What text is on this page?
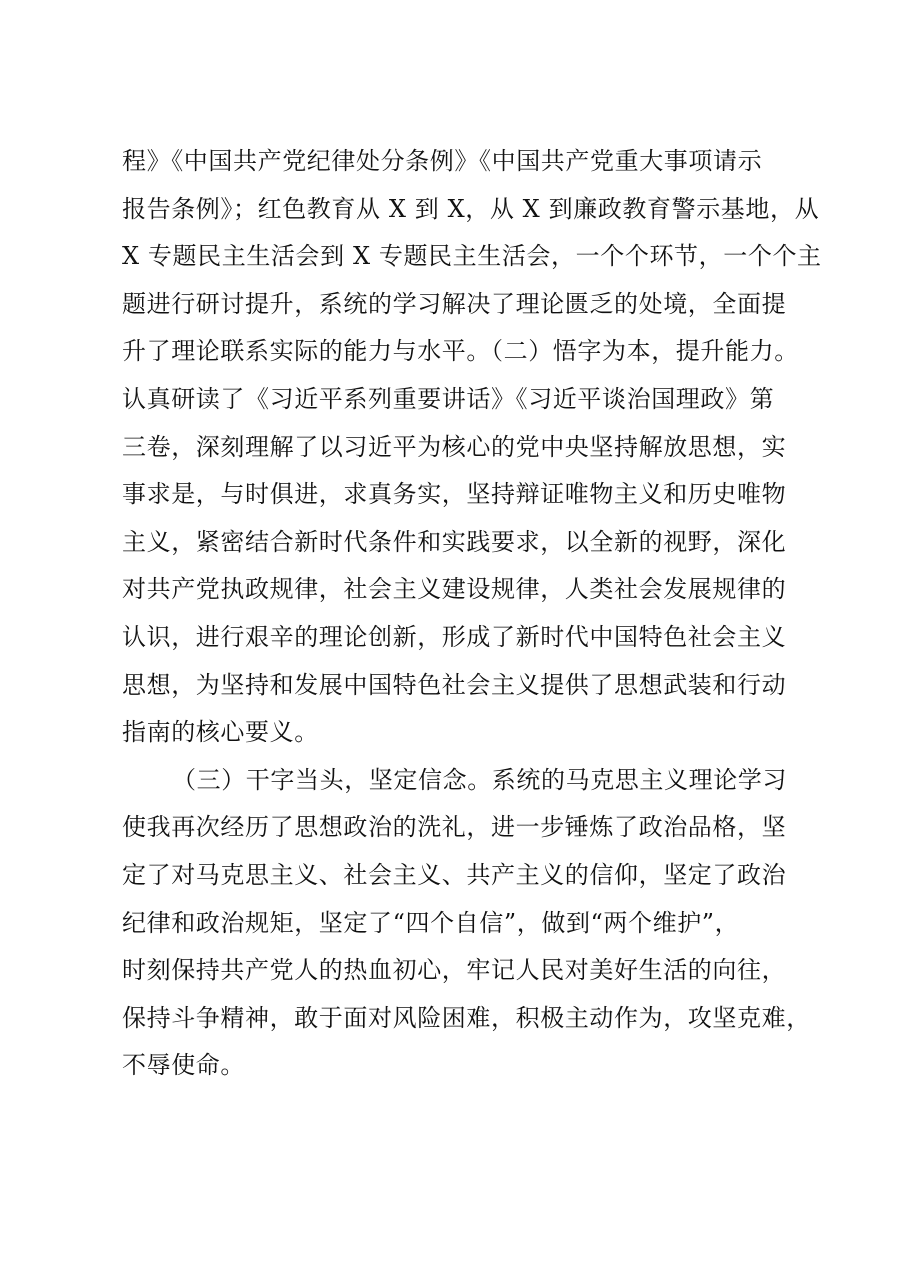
程》《中国共产党纪律处分条例》《中国共产党重大事项请示
报告条例》；红色教育从 X 到 X，从 X 到廉政教育警示基地，从
X 专题民主生活会到 X 专题民主生活会，一个个环节，一个个主
题进行研讨提升，系统的学习解决了理论匮乏的处境，全面提
升了理论联系实际的能力与水平。（二）悟字为本，提升能力。
认真研读了《习近平系列重要讲话》《习近平谈治国理政》第
三卷，深刻理解了以习近平为核心的党中央坚持解放思想，实
事求是，与时俱进，求真务实，坚持辩证唯物主义和历史唯物
主义，紧密结合新时代条件和实践要求，以全新的视野，深化
对共产党执政规律，社会主义建设规律，人类社会发展规律的
认识，进行艰辛的理论创新，形成了新时代中国特色社会主义
思想，为坚持和发展中国特色社会主义提供了思想武装和行动
指南的核心要义。
（三）干字当头，坚定信念。系统的马克思主义理论学习
使我再次经历了思想政治的洗礼，进一步锤炼了政治品格，坚
定了对马克思主义、社会主义、共产主义的信仰，坚定了政治
纪律和政治规矩，坚定了“四个自信”，做到“两个维护”，
时刻保持共产党人的热血初心，牢记人民对美好生活的向往，
保持斗争精神，敢于面对风险困难，积极主动作为，攻坚克难，
不辱使命。
